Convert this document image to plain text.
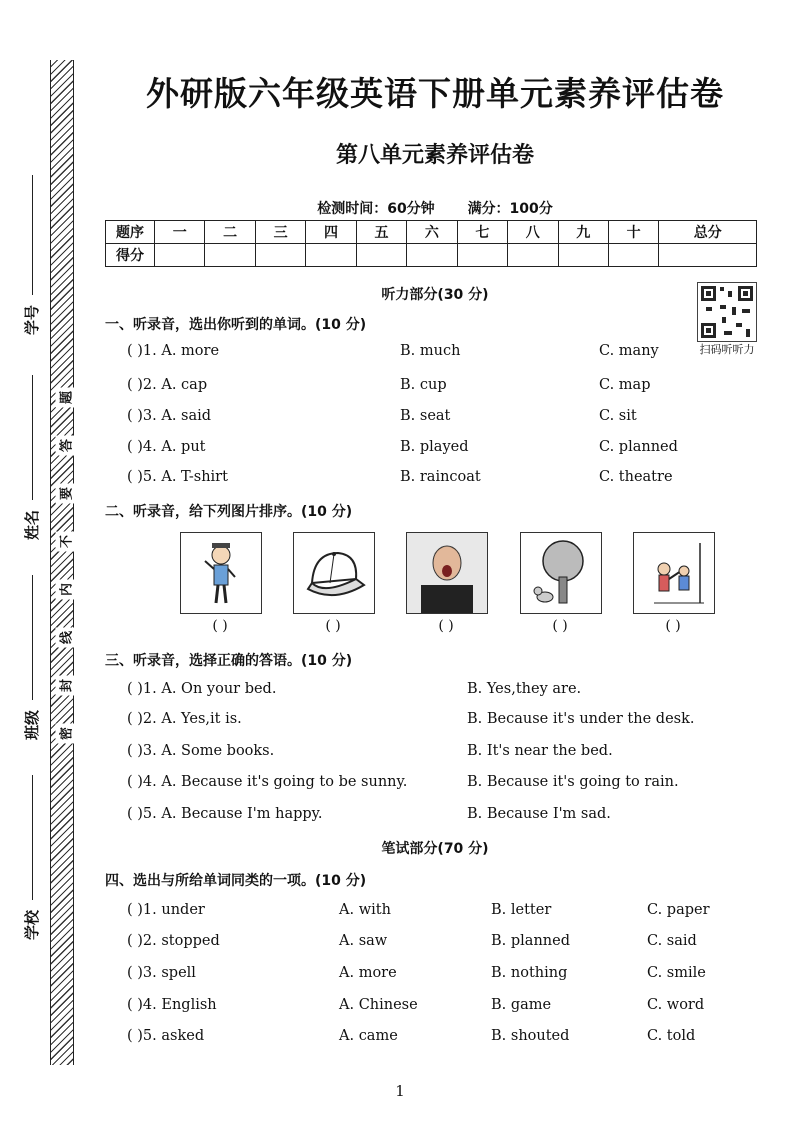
学号
姓名
班级
学校
题
答
要
不
内
线
封
密
外研版六年级英语下册单元素养评估卷
第八单元素养评估卷
检测时间：60分钟 满分：100分
题序	一	二	三	四	五	六	七	八	九	十	总分
得分											
听力部分(30 分)
一、听录音，选出你听到的单词。(10 分)
( )1. A. more	B. much	C. many
( )2. A. cap	B. cup	C. map
( )3. A. said	B. seat	C. sit
( )4. A. put	B. played	C. planned
( )5. A. T-shirt	B. raincoat	C. theatre
二、听录音，给下列图片排序。(10 分)
扫码听听力
( )	( )	( )	( )	( )
三、听录音，选择正确的答语。(10 分)
( )1. A. On your bed.	B. Yes,they are.
( )2. A. Yes,it is.	B. Because it's under the desk.
( )3. A. Some books.	B. It's near the bed.
( )4. A. Because it's going to be sunny.	B. Because it's going to rain.
( )5. A. Because I'm happy.	B. Because I'm sad.
笔试部分(70 分)
四、选出与所给单词同类的一项。(10 分)
( )1. under	A. with	B. letter	C. paper
( )2. stopped	A. saw	B. planned	C. said
( )3. spell	A. more	B. nothing	C. smile
( )4. English	A. Chinese	B. game	C. word
( )5. asked	A. came	B. shouted	C. told
1
